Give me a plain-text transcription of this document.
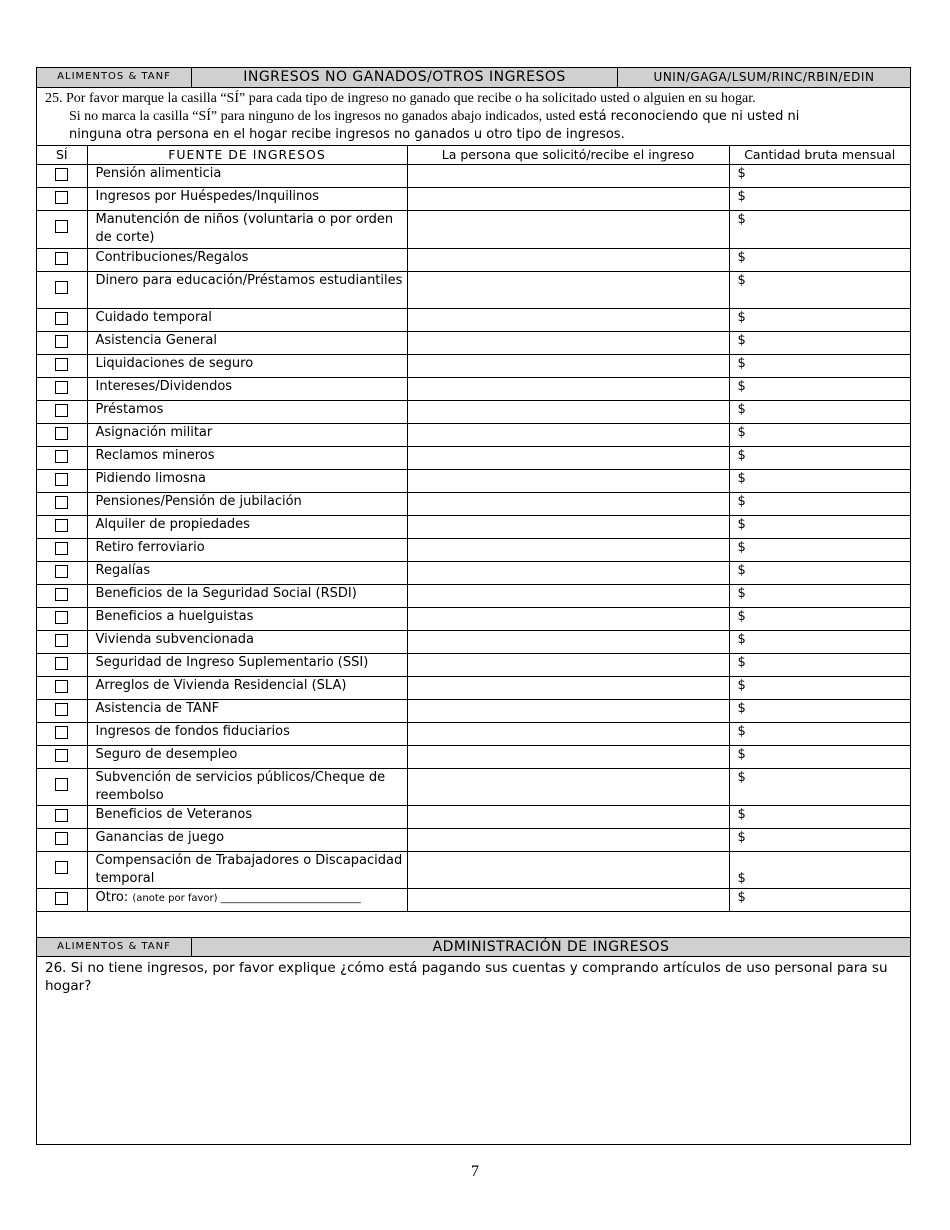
ALIMENTOS & TANF	INGRESOS NO GANADOS/OTROS INGRESOS	UNIN/GAGA/LSUM/RINC/RBIN/EDIN
25. Por favor marque la casilla “SÍ” para cada tipo de ingreso no ganado que recibe o ha solicitado usted o alguien en su hogar.
Si no marca la casilla “SÍ” para ninguno de los ingresos no ganados abajo indicados, usted está reconociendo que ni usted ni
ninguna otra persona en el hogar recibe ingresos no ganados u otro tipo de ingresos.
SÍ	FUENTE DE INGRESOS	La persona que solicitó/recibe el ingreso	Cantidad bruta mensual
	Pensión alimenticia		$
	Ingresos por Huéspedes/Inquilinos		$
	Manutención de niños (voluntaria o por orden de corte)		$
	Contribuciones/Regalos		$
	Dinero para educación/Préstamos estudiantiles		$
	Cuidado temporal		$
	Asistencia General		$
	Liquidaciones de seguro		$
	Intereses/Dividendos		$
	Préstamos		$
	Asignación militar		$
	Reclamos mineros		$
	Pidiendo limosna		$
	Pensiones/Pensión de jubilación		$
	Alquiler de propiedades		$
	Retiro ferroviario		$
	Regalías		$
	Beneficios de la Seguridad Social (RSDI)		$
	Beneficios a huelguistas		$
	Vivienda subvencionada		$
	Seguridad de Ingreso Suplementario (SSI)		$
	Arreglos de Vivienda Residencial (SLA)		$
	Asistencia de TANF		$
	Ingresos de fondos fiduciarios		$
	Seguro de desempleo		$
	Subvención de servicios públicos/Cheque de reembolso		$
	Beneficios de Veteranos		$
	Ganancias de juego		$
	Compensación de Trabajadores o Discapacidad temporal		$
	Otro: (anote por favor) ____________________________		$
ALIMENTOS & TANF	ADMINISTRACIÓN DE INGRESOS
26. Si no tiene ingresos, por favor explique ¿cómo está pagando sus cuentas y comprando artículos de uso personal para su hogar?
7
